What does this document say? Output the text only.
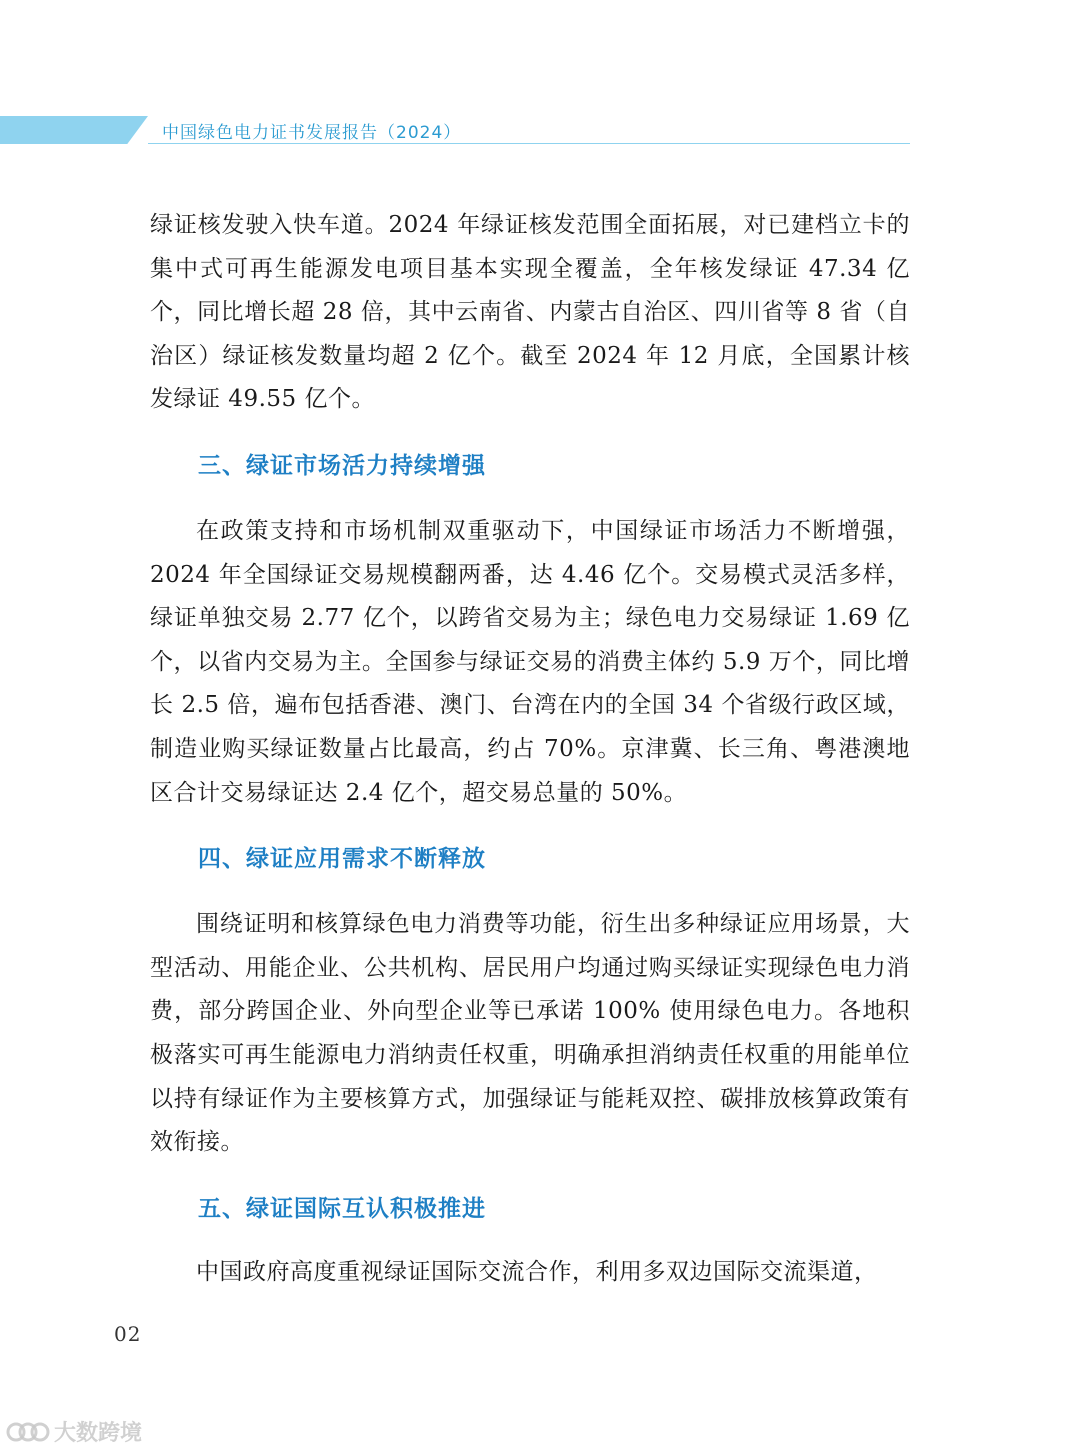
中国绿色电力证书发展报告（2024）

绿证核发驶入快车道。2024 年绿证核发范围全面拓展，对已建档立卡的集中式可再生能源发电项目基本实现全覆盖，全年核发绿证 47.34 亿个，同比增长超 28 倍，其中云南省、内蒙古自治区、四川省等 8 省（自治区）绿证核发数量均超 2 亿个。截至 2024 年 12 月底，全国累计核发绿证 49.55 亿个。

三、绿证市场活力持续增强

在政策支持和市场机制双重驱动下，中国绿证市场活力不断增强，2024 年全国绿证交易规模翻两番，达 4.46 亿个。交易模式灵活多样，绿证单独交易 2.77 亿个，以跨省交易为主；绿色电力交易绿证 1.69 亿个，以省内交易为主。全国参与绿证交易的消费主体约 5.9 万个，同比增长 2.5 倍，遍布包括香港、澳门、台湾在内的全国 34 个省级行政区域，制造业购买绿证数量占比最高，约占 70%。京津冀、长三角、粤港澳地区合计交易绿证达 2.4 亿个，超交易总量的 50%。

四、绿证应用需求不断释放

围绕证明和核算绿色电力消费等功能，衍生出多种绿证应用场景，大型活动、用能企业、公共机构、居民用户均通过购买绿证实现绿色电力消费，部分跨国企业、外向型企业等已承诺 100% 使用绿色电力。各地积极落实可再生能源电力消纳责任权重，明确承担消纳责任权重的用能单位以持有绿证作为主要核算方式，加强绿证与能耗双控、碳排放核算政策有效衔接。

五、绿证国际互认积极推进

中国政府高度重视绿证国际交流合作，利用多双边国际交流渠道，

02
大数跨境
